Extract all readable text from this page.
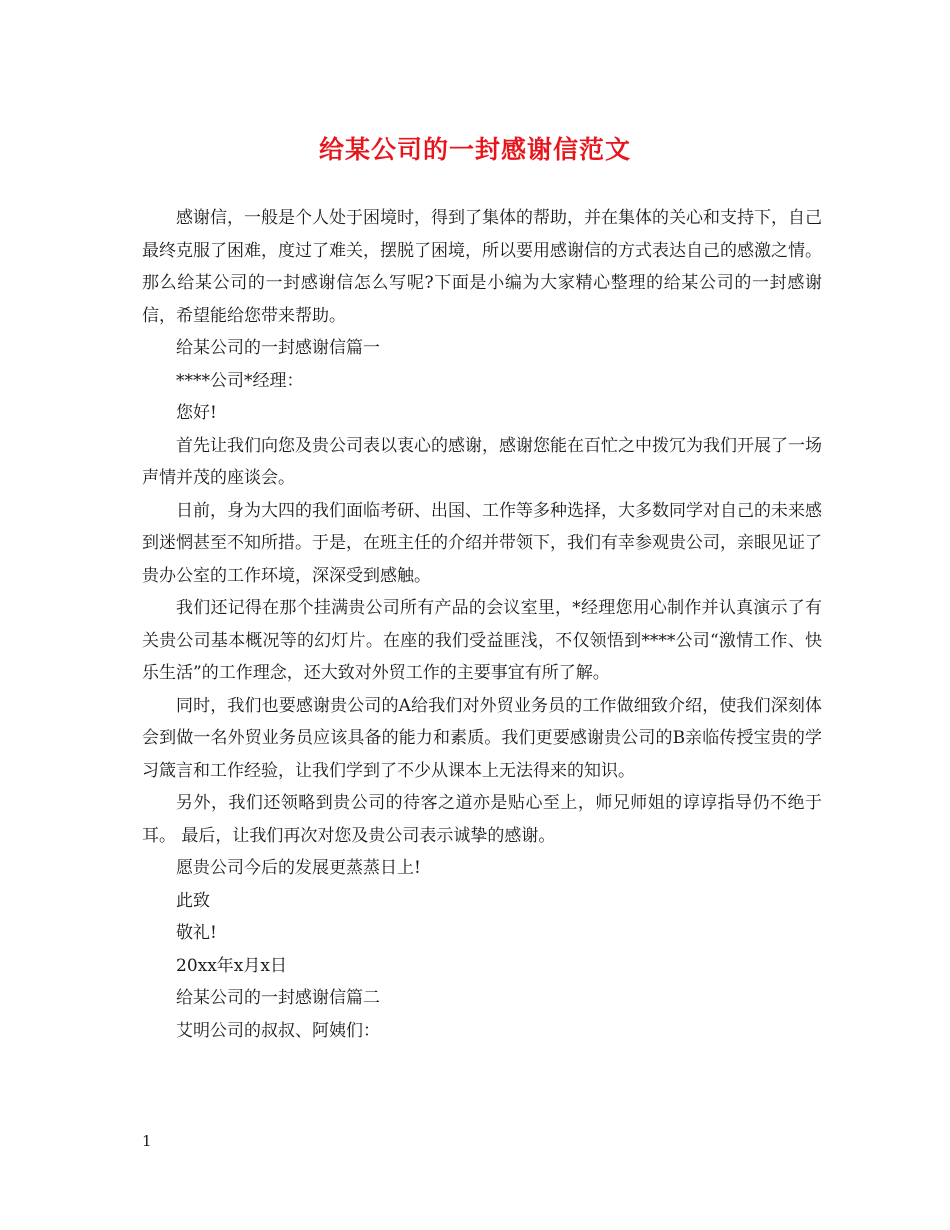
给某公司的一封感谢信范文

感谢信，一般是个人处于困境时，得到了集体的帮助，并在集体的关心和支持下，自己最终克服了困难，度过了难关，摆脱了困境，所以要用感谢信的方式表达自己的感激之情。那么给某公司的一封感谢信怎么写呢?下面是小编为大家精心整理的给某公司的一封感谢信，希望能给您带来帮助。

给某公司的一封感谢信篇一

****公司*经理：

您好!

首先让我们向您及贵公司表以衷心的感谢，感谢您能在百忙之中拨冗为我们开展了一场声情并茂的座谈会。

日前，身为大四的我们面临考研、出国、工作等多种选择，大多数同学对自己的未来感到迷惘甚至不知所措。于是，在班主任的介绍并带领下，我们有幸参观贵公司，亲眼见证了贵办公室的工作环境，深深受到感触。

我们还记得在那个挂满贵公司所有产品的会议室里，*经理您用心制作并认真演示了有关贵公司基本概况等的幻灯片。在座的我们受益匪浅，不仅领悟到****公司“激情工作、快乐生活”的工作理念，还大致对外贸工作的主要事宜有所了解。

同时，我们也要感谢贵公司的A给我们对外贸业务员的工作做细致介绍，使我们深刻体会到做一名外贸业务员应该具备的能力和素质。我们更要感谢贵公司的B亲临传授宝贵的学习箴言和工作经验，让我们学到了不少从课本上无法得来的知识。

另外，我们还领略到贵公司的待客之道亦是贴心至上，师兄师姐的谆谆指导仍不绝于耳。 最后，让我们再次对您及贵公司表示诚挚的感谢。

愿贵公司今后的发展更蒸蒸日上!

此致

敬礼!

20xx年x月x日

给某公司的一封感谢信篇二

艾明公司的叔叔、阿姨们：

1
